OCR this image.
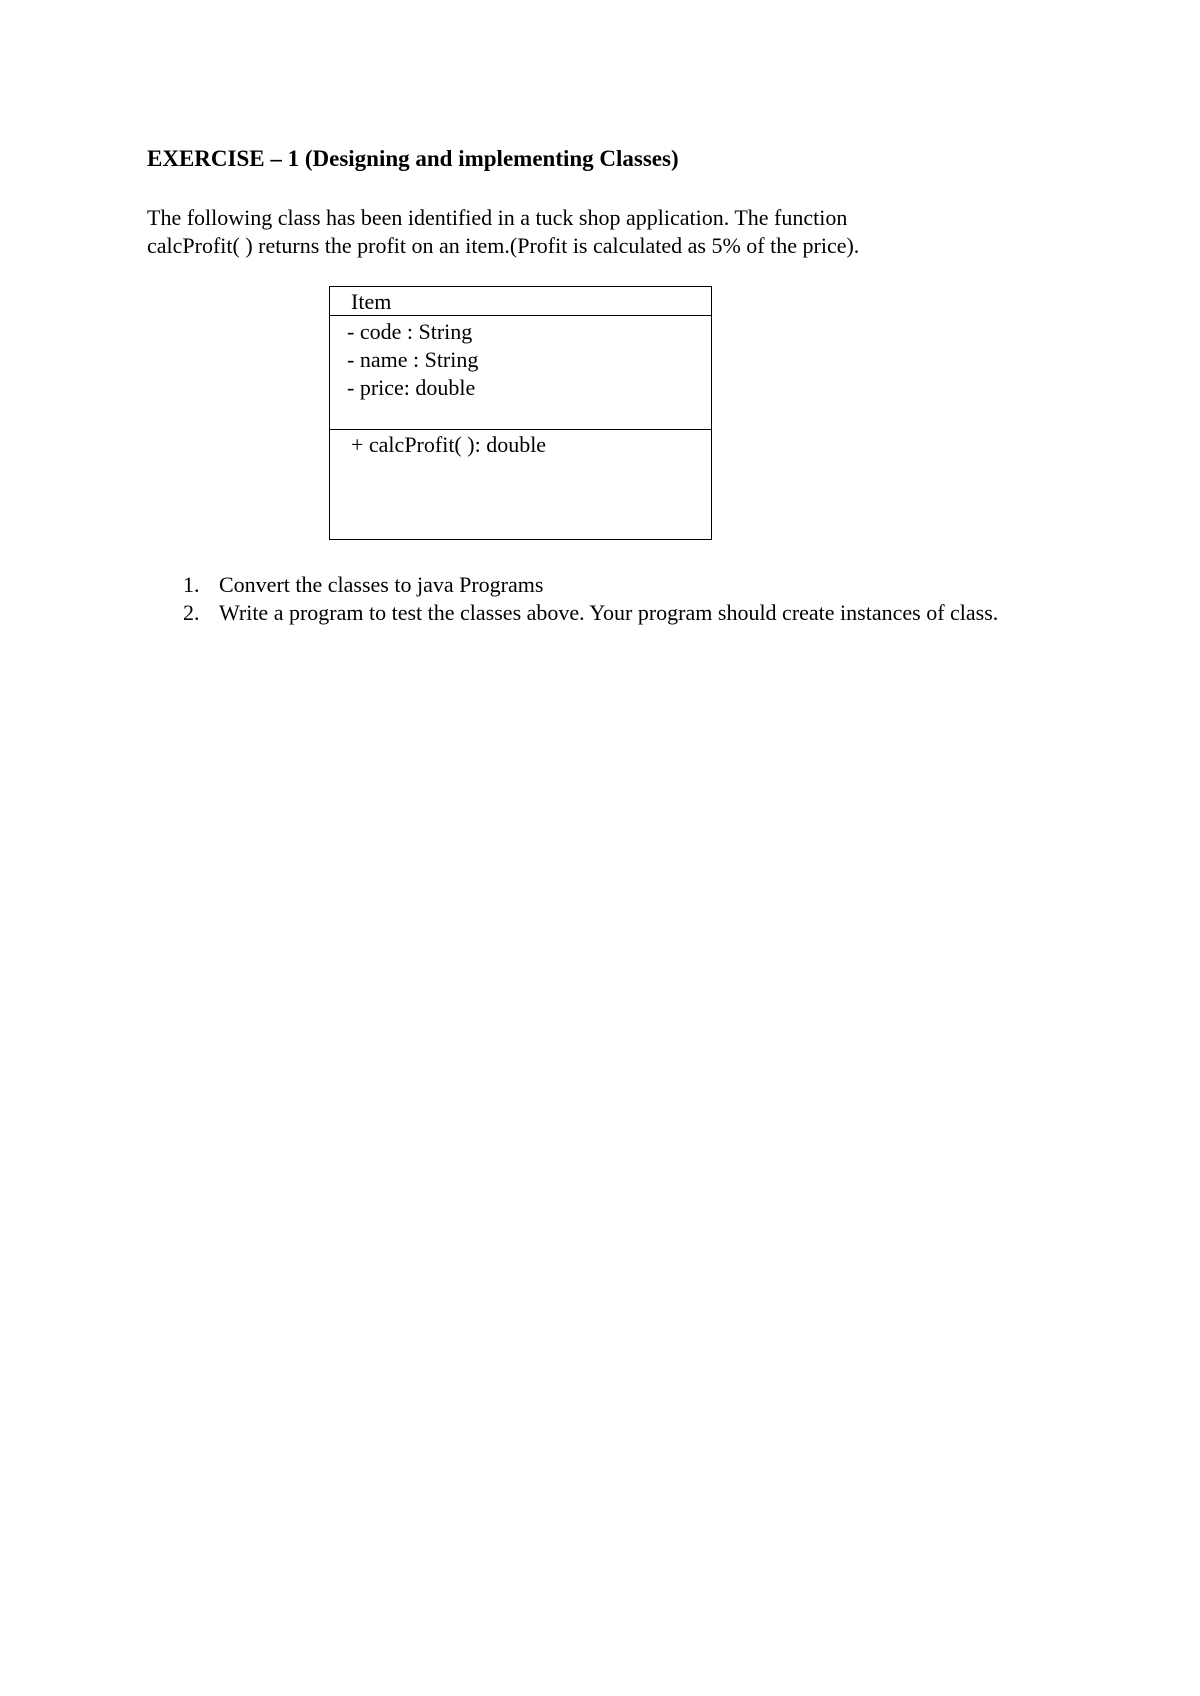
EXERCISE – 1 (Designing and implementing Classes)
The following class has been identified in a tuck shop application. The function
calcProfit( ) returns the profit on an item.(Profit is calculated as 5% of the price).
Item
- code : String
- name : String
- price: double
+ calcProfit( ): double
1. Convert the classes to java Programs
2. Write a program to test the classes above. Your program should create instances of class.
